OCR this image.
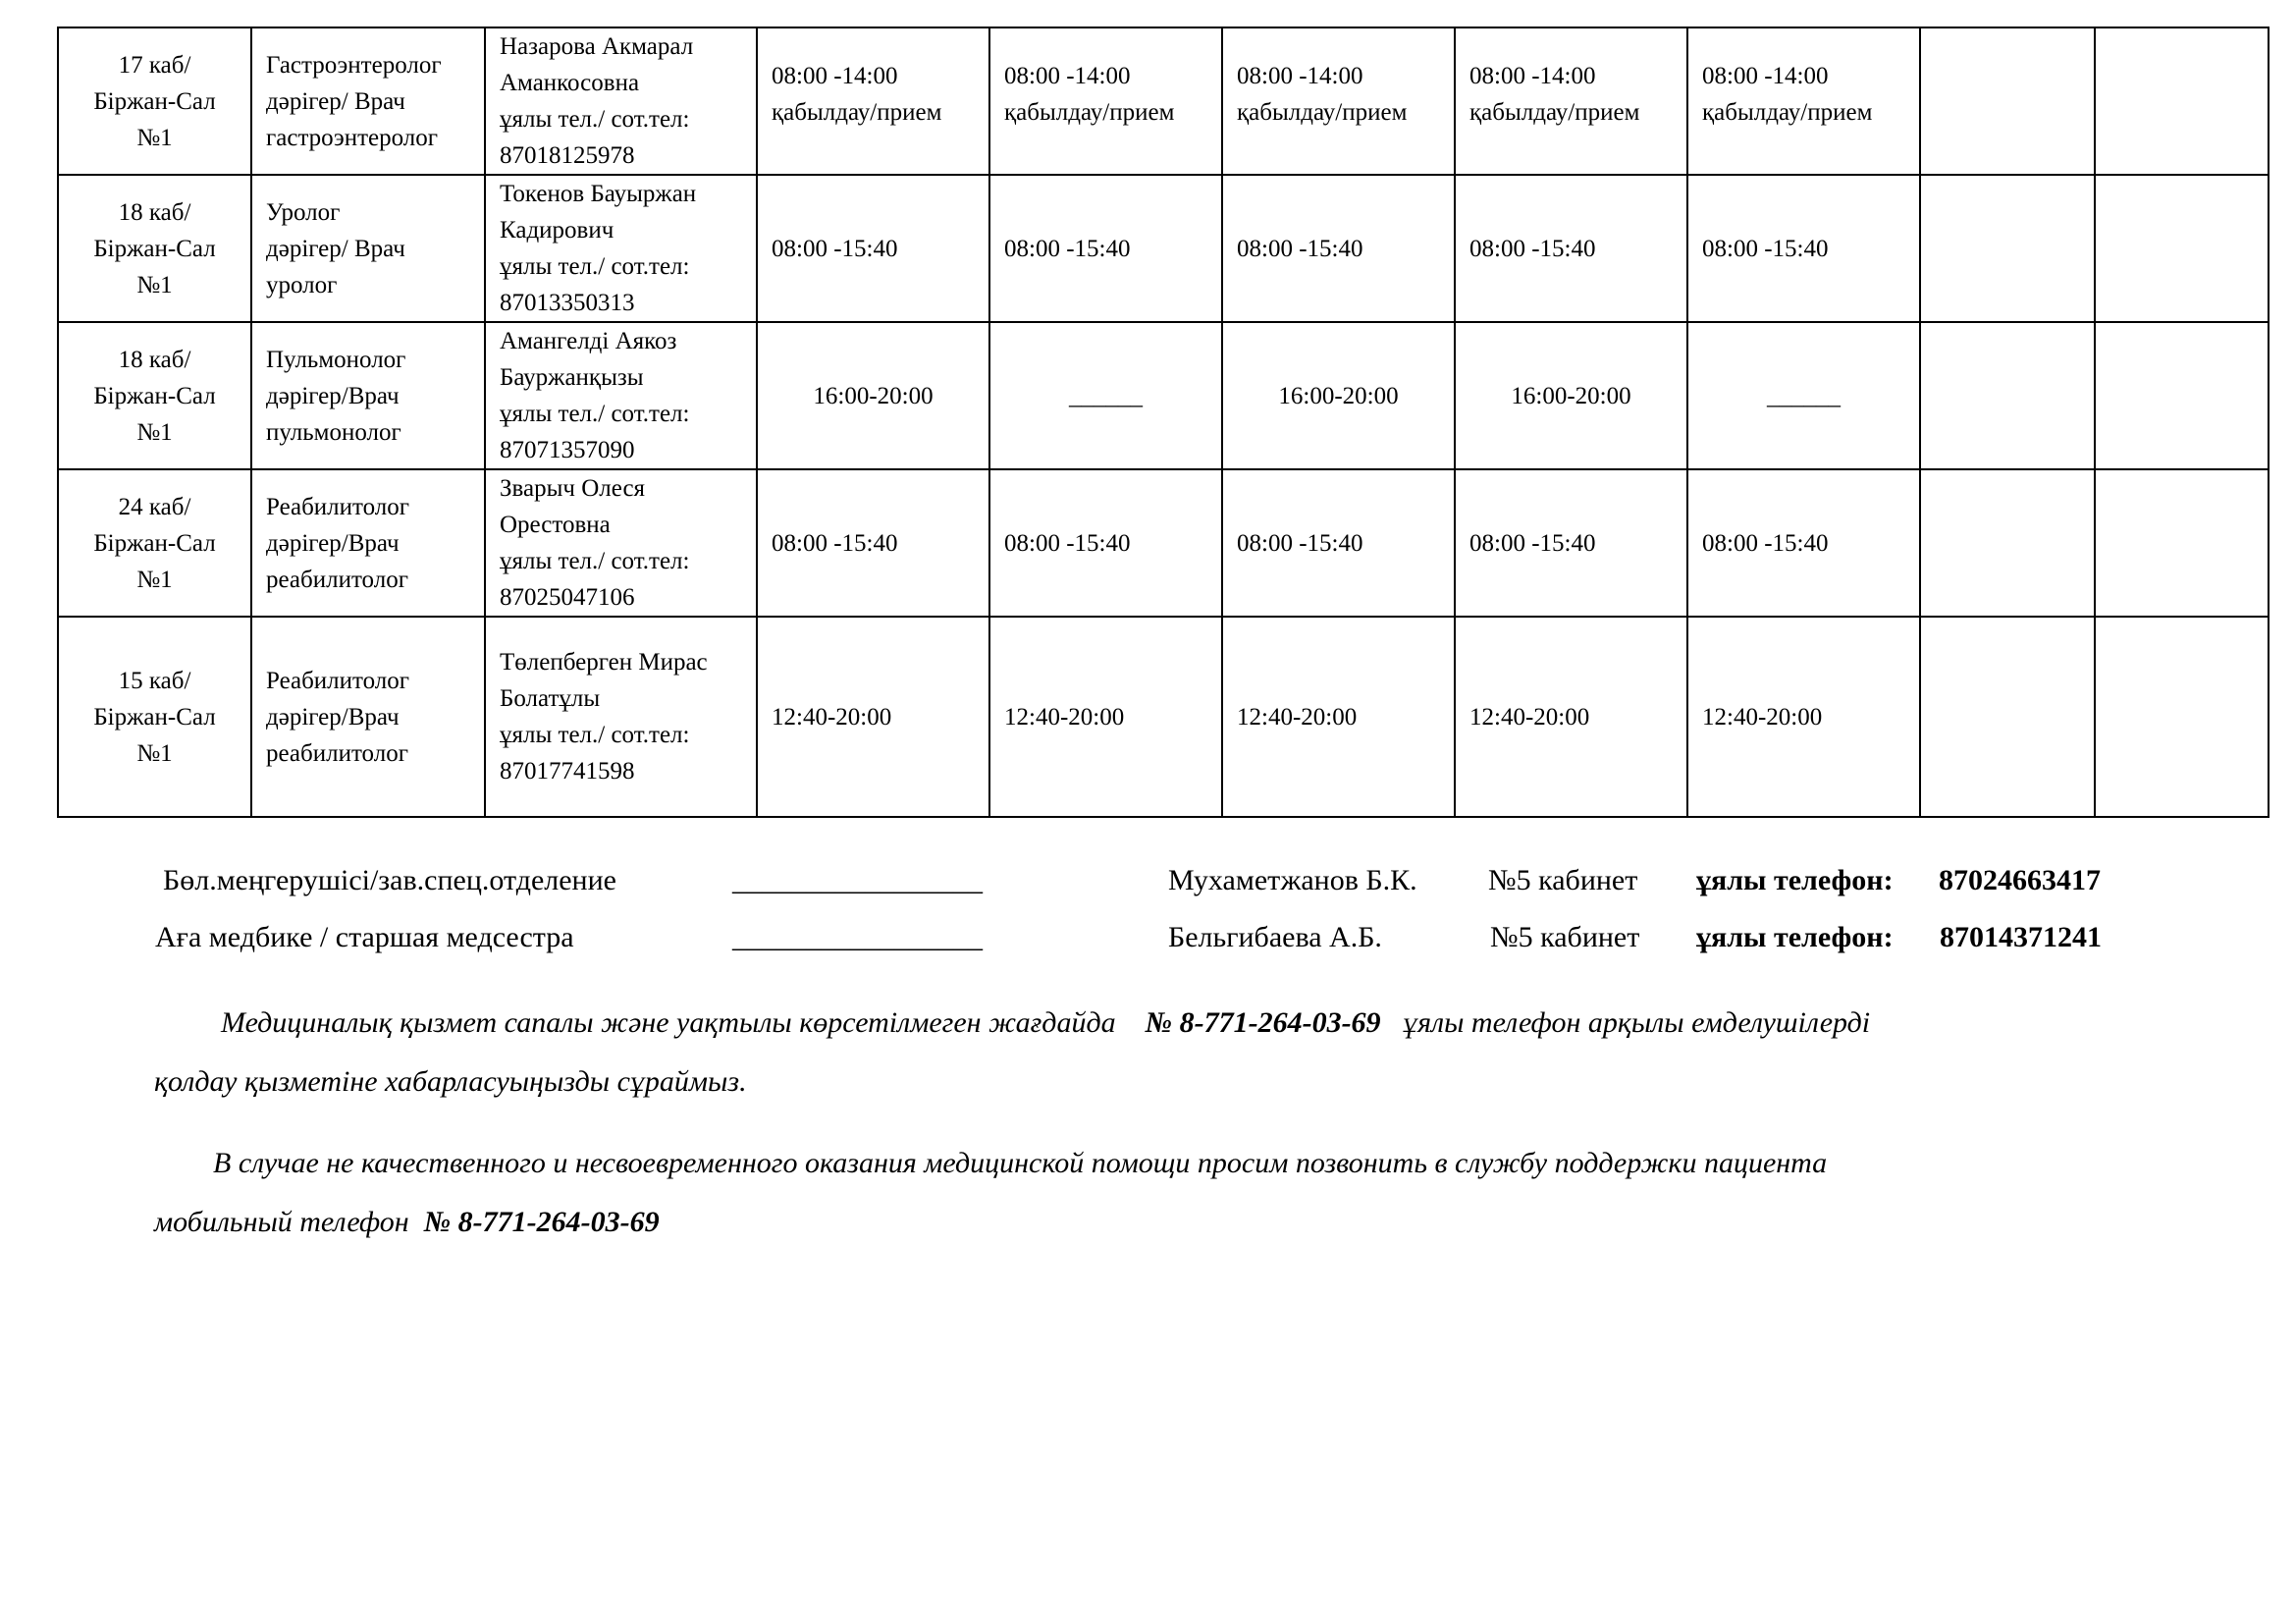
17 каб/
Біржан-Сал
№1	Гастроэнтеролог
дәрігер/ Врач
гастроэнтеролог	Назарова Акмарал
Аманкосовна
ұялы тел./ сот.тел:
87018125978	08:00 -14:00
қабылдау/прием	08:00 -14:00
қабылдау/прием	08:00 -14:00
қабылдау/прием	08:00 -14:00
қабылдау/прием	08:00 -14:00
қабылдау/прием		

18 каб/
Біржан-Сал
№1	Уролог
дәрігер/ Врач
уролог	Токенов Бауыржан
Кадирович
ұялы тел./ сот.тел:
87013350313	08:00 -15:40	08:00 -15:40	08:00 -15:40	08:00 -15:40	08:00 -15:40		

18 каб/
Біржан-Сал
№1	Пульмонолог
дәрігер/Врач
пульмонолог	Амангелді Аякоз
Бауржанқызы
ұялы тел./ сот.тел:
87071357090	16:00-20:00	______	16:00-20:00	16:00-20:00	______		

24 каб/
Біржан-Сал
№1	Реабилитолог
дәрігер/Врач
реабилитолог	Зварыч Олеся
Орестовна
ұялы тел./ сот.тел:
87025047106	08:00 -15:40	08:00 -15:40	08:00 -15:40	08:00 -15:40	08:00 -15:40		

15 каб/
Біржан-Сал
№1	Реабилитолог
дәрігер/Врач
реабилитолог	Төлепберген Мирас
Болатұлы
ұялы тел./ сот.тел:
87017741598	12:40-20:00	12:40-20:00	12:40-20:00	12:40-20:00	12:40-20:00		
Бөл.меңгерушісі/зав.спец.отделение	_________________	Мухаметжанов Б.К. №5 кабинет ұялы телефон: 87024663417
Аға медбике / старшая медсестра	_________________	Бельгибаева А.Б.	№5 кабинет ұялы телефон: 87014371241
Медициналық қызмет сапалы және уақтылы көрсетілмеген жағдайда № 8-771-264-03-69 ұялы телефон арқылы емделушілерді
қолдау қызметіне хабарласуыңызды сұраймыз.
В случае не качественного и несвоевременного оказания медицинской помощи просим позвонить в службу поддержки пациента
мобильный телефон № 8-771-264-03-69
